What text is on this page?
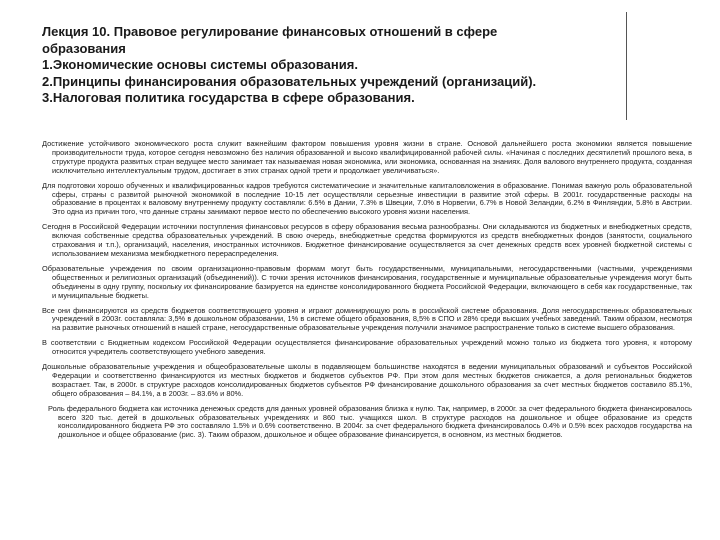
Лекция 10. Правовое регулирование финансовых отношений в сфере
образования
1.Экономические основы системы образования.
2.Принципы финансирования образовательных учреждений (организаций).
3.Налоговая политика государства в сфере образования.

Достижение устойчивого экономического роста служит важнейшим фактором повышения уровня жизни в стране. Основой дальнейшего роста экономики является повышение производительности труда, которое сегодня невозможно без наличия образованной и высоко квалифицированной рабочей силы. «Начиная с последних десятилетий прошлого века, в структуре продукта развитых стран ведущее место занимает так называемая новая экономика, или экономика, основанная на знаниях. Доля валового внутреннего продукта, созданная исключительно интеллектуальным трудом, достигает в этих странах одной трети и продолжает увеличиваться».

Для подготовки хорошо обученных и квалифицированных кадров требуются систематические и значительные капиталовложения в образование. Понимая важную роль образовательной сферы, страны с развитой рыночной экономикой в последние 10-15 лет осуществляли серьезные инвестиции в развитие этой сферы. В 2001г. государственные расходы на образование в процентах к валовому внутреннему продукту составляли: 6.5% в Дании, 7.3% в Швеции, 7.0% в Норвегии, 6.7% в Новой Зеландии, 6.2% в Финляндии, 5.8% в Австрии. Это одна из причин того, что данные страны занимают первое место по обеспечению высокого уровня жизни населения.

Сегодня в Российской Федерации источники поступления финансовых ресурсов в сферу образования весьма разнообразны. Они складываются из бюджетных и внебюджетных средств, включая собственные средства образовательных учреждений. В свою очередь, внебюджетные средства формируются из средств внебюджетных фондов (занятости, социального страхования и т.п.), организаций, населения, иностранных источников. Бюджетное финансирование осуществляется за счет денежных средств всех уровней бюджетной системы с использованием механизма межбюджетного перераспределения.

Образовательные учреждения по своим организационно-правовым формам могут быть государственными, муниципальными, негосударственными (частными, учреждениями общественных и религиозных организаций (объединений)). С точки зрения источников финансирования, государственные и муниципальные образовательные учреждения могут быть объединены в одну группу, поскольку их финансирование базируется на единстве консолидированного бюджета Российской Федерации, включающего в себя как государственные, так и муниципальные бюджеты.

Все они финансируются из средств бюджетов соответствующего уровня и играют доминирующую роль в российской системе образования. Доля негосударственных образовательных учреждений в 2003г. составляла: 3,5% в дошкольном образовании, 1% в системе общего образования, 8,5% в СПО и 28% среди высших учебных заведений. Таким образом, несмотря на развитие рыночных отношений в нашей стране, негосударственные образовательные учреждения получили значимое распространение только в системе высшего образования.

В соответствии с Бюджетным кодексом Российской Федерации осуществляется финансирование образовательных учреждений можно только из бюджета того уровня, к которому относится учредитель соответствующего учебного заведения.

Дошкольные образовательные учреждения и общеобразовательные школы в подавляющем большинстве находятся в ведении муниципальных образований и субъектов Российской Федерации и соответственно финансируются из местных бюджетов и бюджетов субъектов РФ. При этом доля местных бюджетов снижается, а доля региональных бюджетов возрастает. Так, в 2000г. в структуре расходов консолидированных бюджетов субъектов РФ финансирование дошкольного образования за счет местных бюджетов составило 85.1%, общего образования – 84.1%, а в 2003г. – 83.6% и 80%.

Роль федерального бюджета как источника денежных средств для данных уровней образования близка к нулю. Так, например, в 2000г. за счет федерального бюджета финансировалось всего 320 тыс. детей в дошкольных образовательных учреждениях и 860 тыс. учащихся школ. В структуре расходов на дошкольное и общее образование из средств консолидированного бюджета РФ это составляло 1.5% и 0.6% соответственно. В 2004г. за счет федерального бюджета финансировалось 0.4% и 0.5% всех расходов государства на дошкольное и общее образование (рис. 3). Таким образом, дошкольное и общее образование финансируется, в основном, из местных бюджетов.
